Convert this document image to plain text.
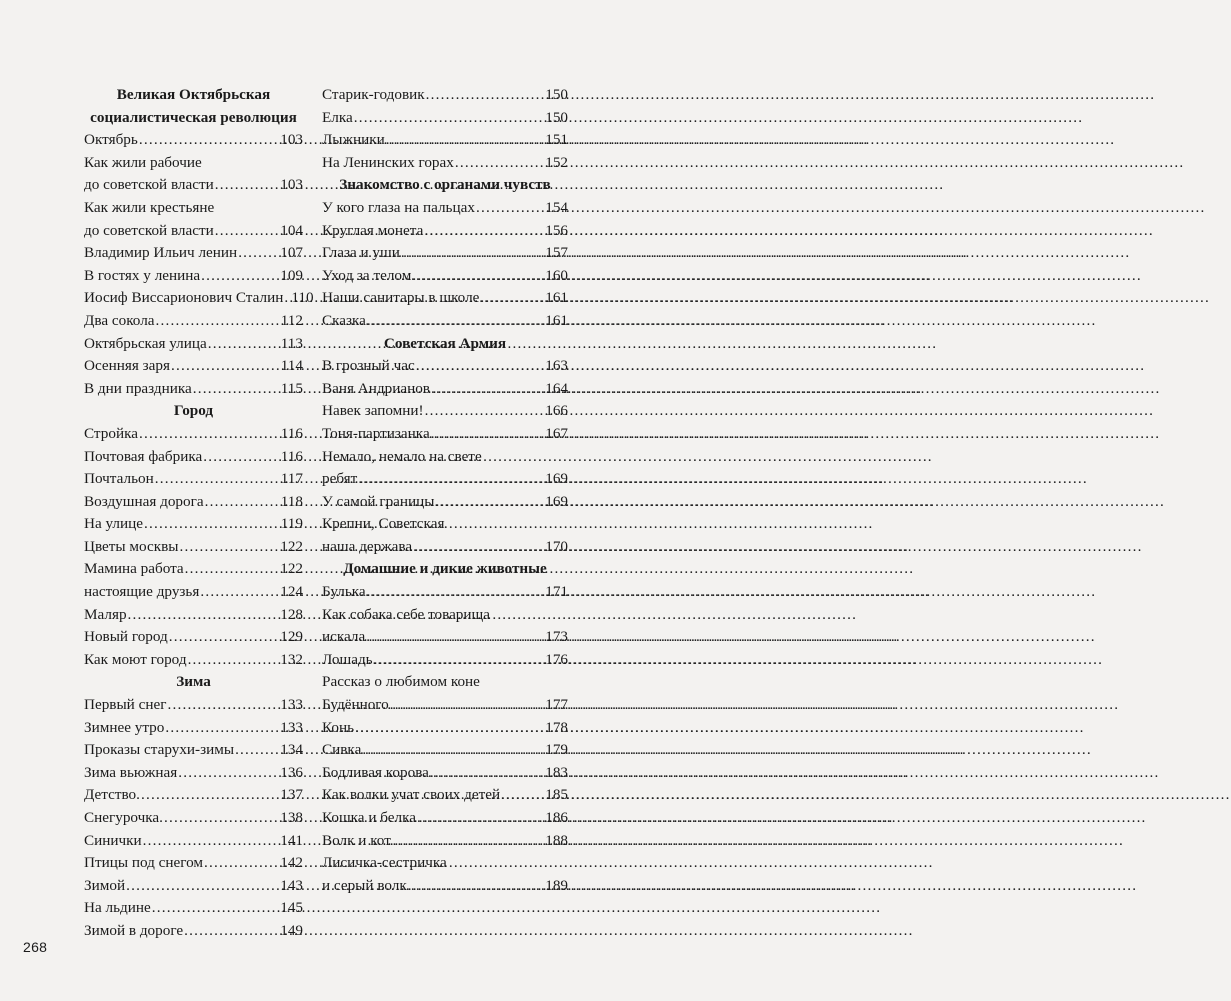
Великая Октябрьская
социалистическая революция
Октябрь .....	103
Как жили рабочие
до советской власти .....	103
Как жили крестьяне
до советской власти .....	104
Владимир Ильич ленин .....	107
В гостях у ленина .....	109
Иосиф Виссарионович Сталин ..... 110
Два сокола .....	112
Октябрьская улица .....	113
Осенняя заря .....	114
В дни праздника .....	115
Город
Стройка .....	116
Почтовая фабрика .....	116
Почтальон .....	117
Воздушная дорога .....	118
На улице .....	119
Цветы москвы .....	122
Мамина работа .....	122
настоящие друзья .....	124
Маляр .....	128
Новый город .....	129
Как моют город .....	132
Зима
Первый снег .....	133
Зимнее утро .....	133
Проказы старухи-зимы .....	134
Зима вьюжная .....	136
Детство. .....	137
Снегурочка. .....	138
Синички .....	141
Птицы под снегом .....	142
Зимой .....	143
На льдине .....	145
Зимой в дороге .....	149
Старик-годовик .....	150
Елка .....	150
Лыжники .....	151
На Ленинских горах .....	152
Знакомство с органами чувств
У кого глаза на пальцах .....	154
Круглая монета .....	156
Глаза и уши .....	157
Уход за телом .....	160
Наши санитары в школе .....	161
Сказка .....	161
Советская Армия
В грозный час .....	163
Ваня Андрианов .....	164
Навек запомни! .....	166
Тоня-партизанка .....	167
Немало, немало на свете
ребят .....	169
У самой границы .....	169
Крепни, Советская
наша держава .....	170
Домашние и дикие животные
Булька .....	171
Как собака себе товарища
искала .....	173
Лошадь .....	176
Рассказ о любимом коне
Будённого .....	177
Конь .....	178
Сивка .....	179
Бодливая корова .....	183
Как волки учат своих детей .....	185
Кошка и белка .....	186
Волк и кот. .....	188
Лисичка-сестричка
и серый волк .....	189
268
